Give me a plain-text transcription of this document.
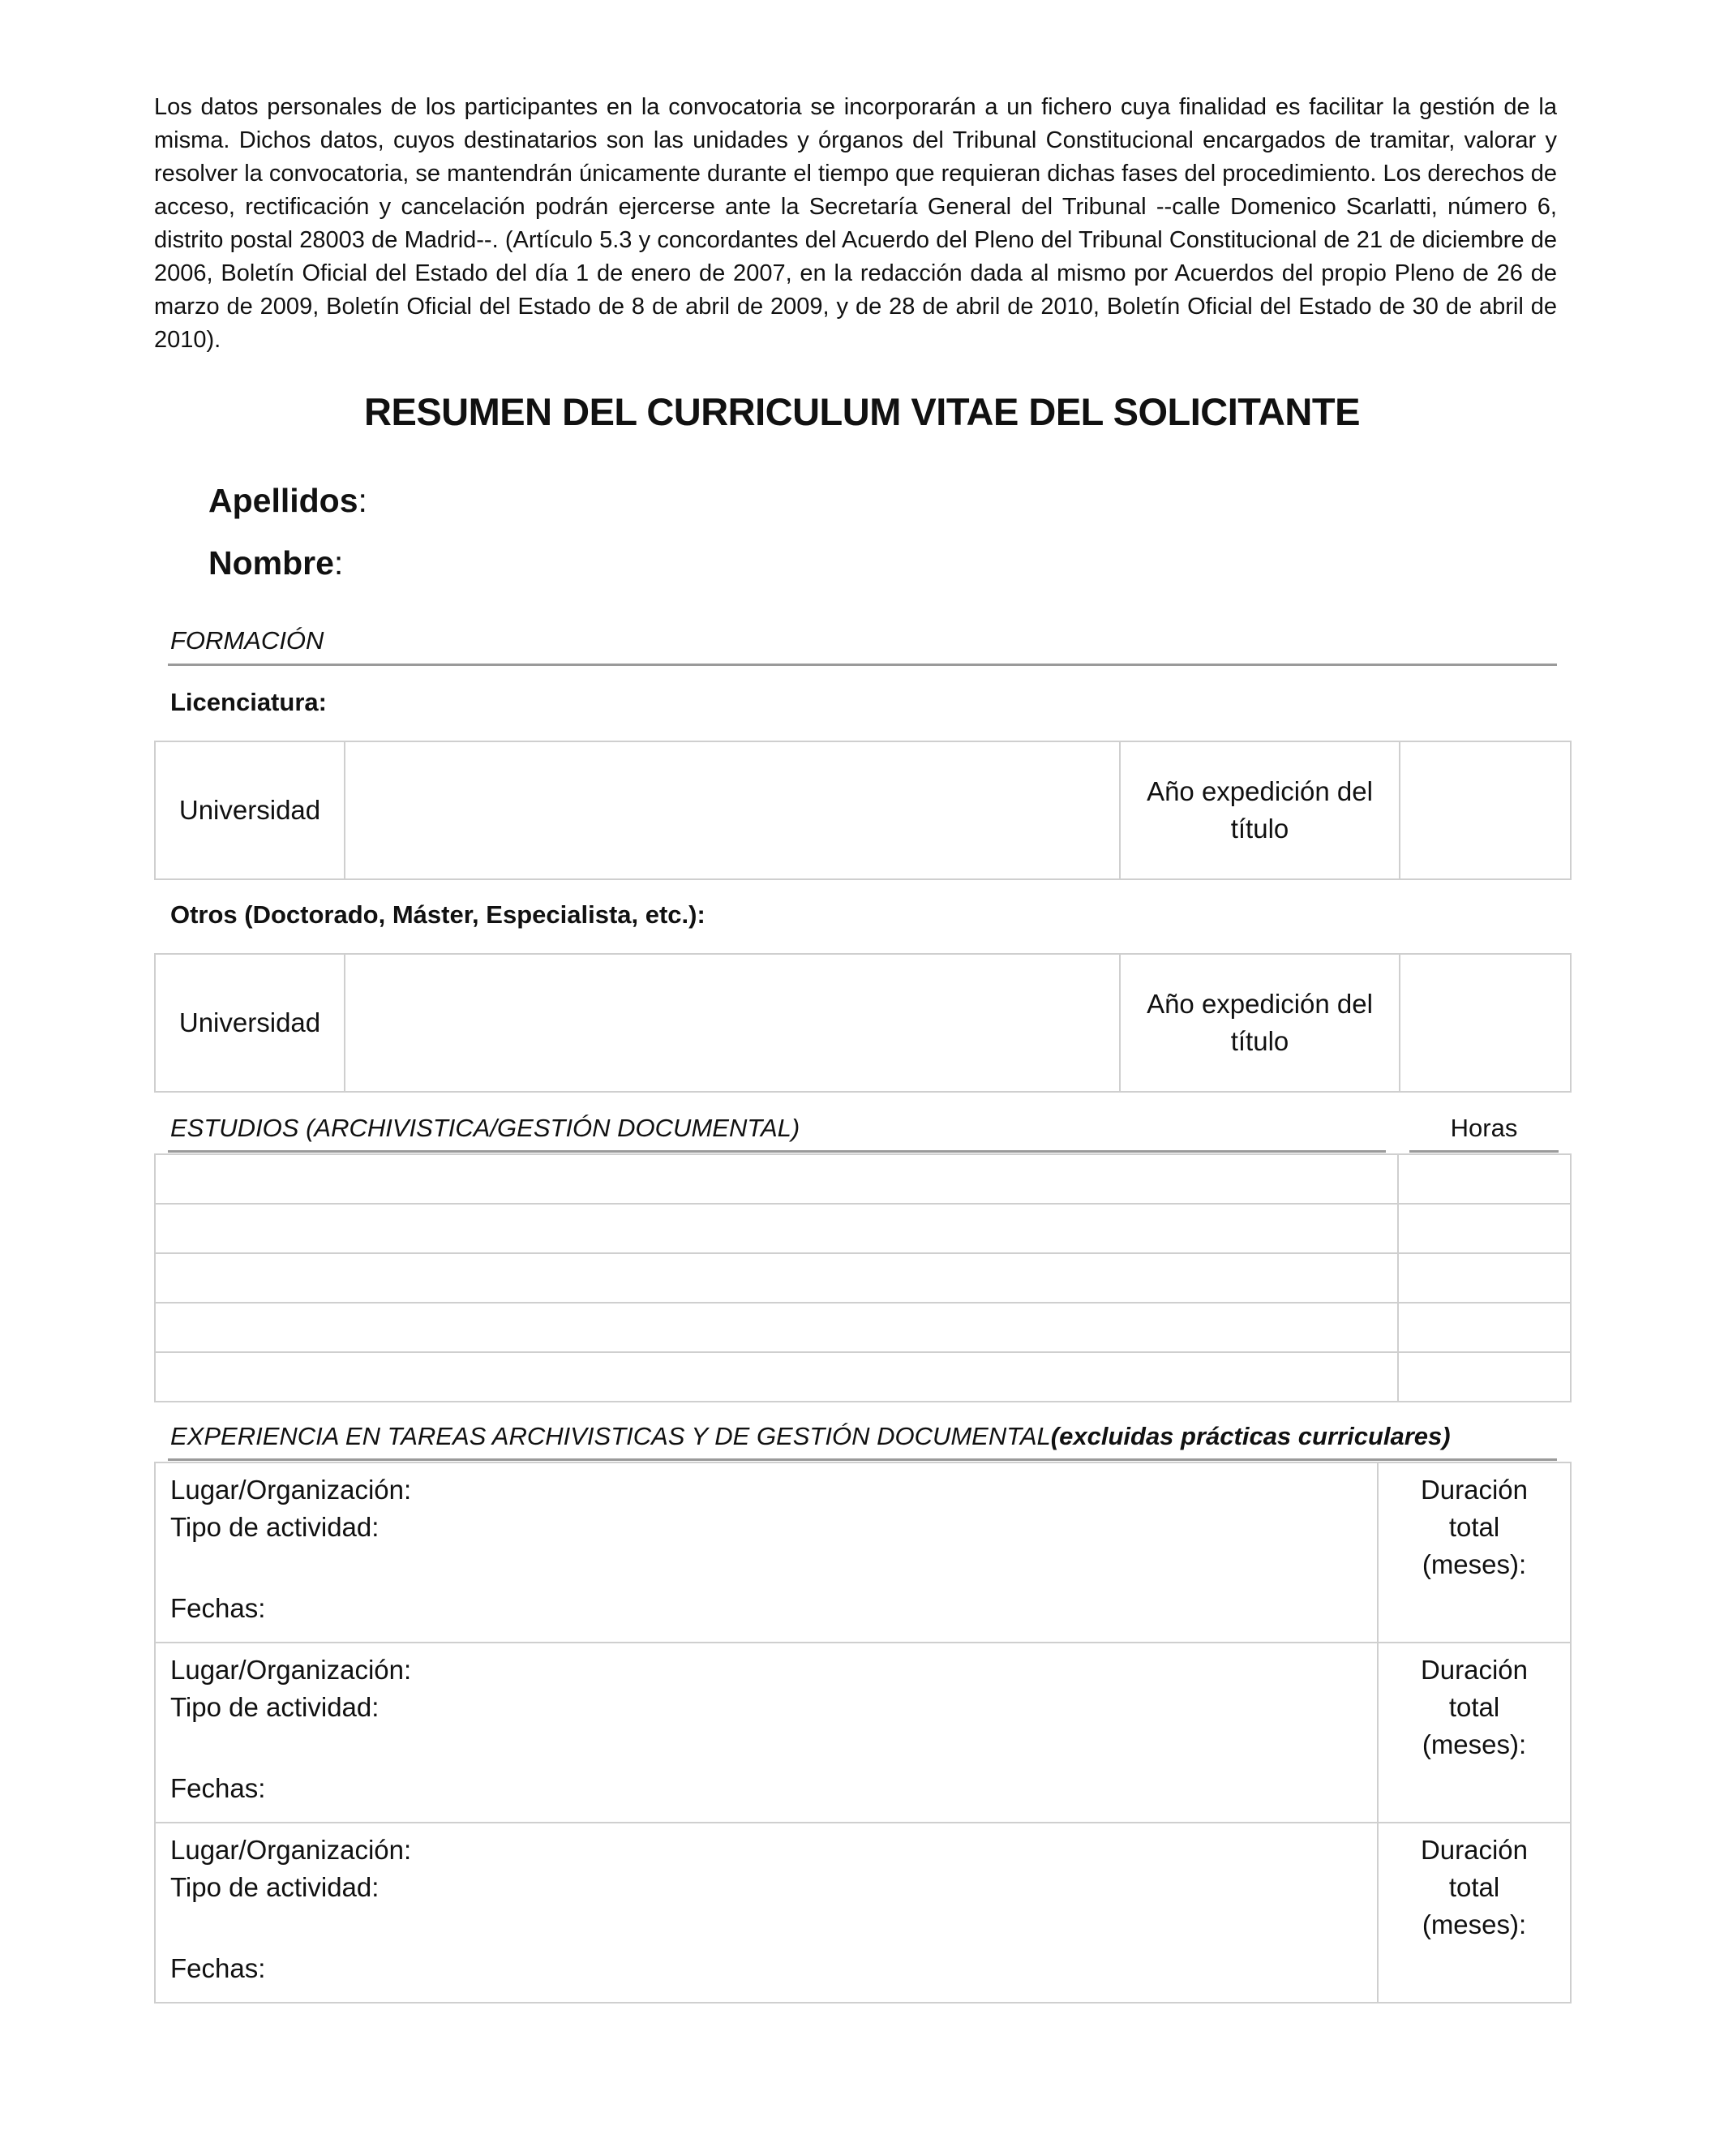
Los datos personales de los participantes en la convocatoria se incorporarán a un fichero cuya finalidad es facilitar la gestión de la misma. Dichos datos, cuyos destinatarios son las unidades y órganos del Tribunal Constitucional encargados de tramitar, valorar y resolver la convocatoria, se mantendrán únicamente durante el tiempo que requieran dichas fases del procedimiento. Los derechos de acceso, rectificación y cancelación podrán ejercerse ante la Secretaría General del Tribunal --calle Domenico Scarlatti, número 6, distrito postal 28003 de Madrid--. (Artículo 5.3 y concordantes del Acuerdo del Pleno del Tribunal Constitucional de 21 de diciembre de 2006, Boletín Oficial del Estado del día 1 de enero de 2007, en la redacción dada al mismo por Acuerdos del propio Pleno de 26 de marzo de 2009, Boletín Oficial del Estado de 8 de abril de 2009, y de 28 de abril de 2010, Boletín Oficial del Estado de 30 de abril de 2010).

RESUMEN DEL CURRICULUM VITAE DEL SOLICITANTE
Apellidos:
Nombre:
FORMACIÓN
Licenciatura:
Universidad		Año expedición del título	
Otros (Doctorado, Máster, Especialista, etc.):
Universidad		Año expedición del título	
ESTUDIOS (ARCHIVISTICA/GESTIÓN DOCUMENTAL)	Horas

EXPERIENCIA EN TAREAS ARCHIVISTICAS Y DE GESTIÓN DOCUMENTAL(excluidas prácticas curriculares)
Lugar/Organización:
Tipo de actividad:
Fechas:	Duración total (meses):

Lugar/Organización:
Tipo de actividad:
Fechas:	Duración total (meses):

Lugar/Organización:
Tipo de actividad:
Fechas:	Duración total (meses):
